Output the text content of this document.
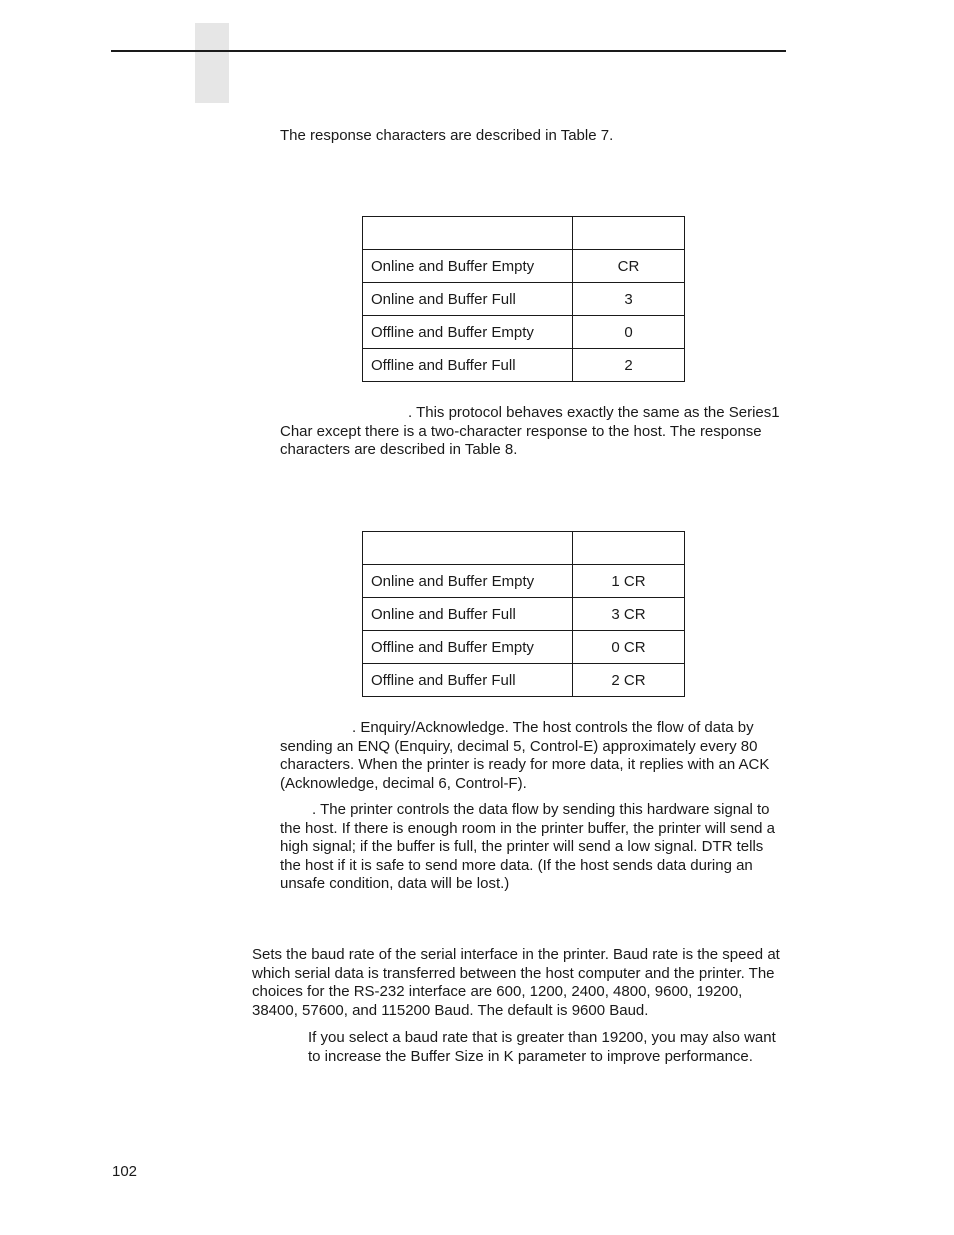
The response characters are described in Table 7.

Online and Buffer Empty	CR
Online and Buffer Full	3
Offline and Buffer Empty	0
Offline and Buffer Full	2

. This protocol behaves exactly the same as the Series1 Char except there is a two-character response to the host. The response characters are described in Table 8.

Online and Buffer Empty	1 CR
Online and Buffer Full	3 CR
Offline and Buffer Empty	0 CR
Offline and Buffer Full	2 CR

. Enquiry/Acknowledge. The host controls the flow of data by sending an ENQ (Enquiry, decimal 5, Control-E) approximately every 80 characters. When the printer is ready for more data, it replies with an ACK (Acknowledge, decimal 6, Control-F).

. The printer controls the data flow by sending this hardware signal to the host. If there is enough room in the printer buffer, the printer will send a high signal; if the buffer is full, the printer will send a low signal. DTR tells the host if it is safe to send more data. (If the host sends data during an unsafe condition, data will be lost.)

Sets the baud rate of the serial interface in the printer. Baud rate is the speed at which serial data is transferred between the host computer and the printer. The choices for the RS-232 interface are 600, 1200, 2400, 4800, 9600, 19200, 38400, 57600, and 115200 Baud. The default is 9600 Baud.

If you select a baud rate that is greater than 19200, you may also want to increase the Buffer Size in K parameter to improve performance.

102
